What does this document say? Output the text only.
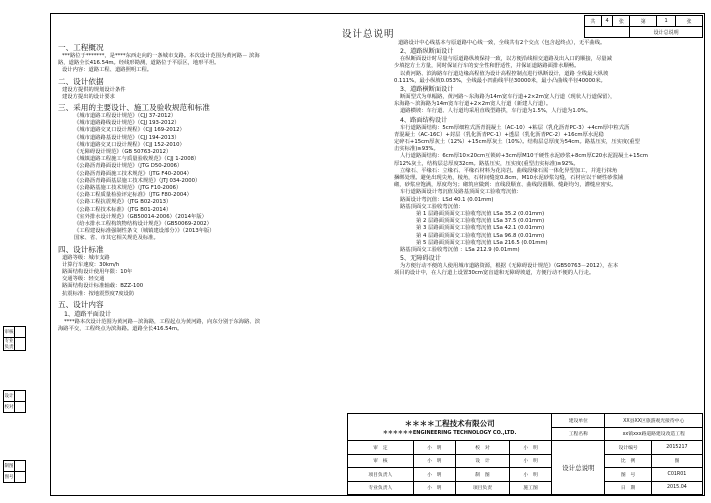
设计总说明
共	4	张	第	1	张
			设计总说明		
审核	
专业负责	
设计	
校对	
制图	
图号	
一、工程概况
***路位于*******，是****东西走向的一条城市支路。本次设计范围为黄河路－ 滨海
路，道路全长416.54m。经线形勘测，道路位于平原区，地形平坦。
设计内容：道路工程、道路照明工程。
二、设计依据
建设方提供的规划设计条件
建设方提出的设计要求
三、采用的主要设计、施工及验收规范和标准
《城市道路工程设计规范》（CJJ 37-2012）
《城市道路路线设计规范》（CJJ 193-2012）
《城市道路交叉口设计规程》（CJJ 169-2012）
《城市道路路基设计规范》（CJJ 194-2013）
《城市道路交叉口设计规程》（CJJ 152-2010）
《无障碍设计规范》（GB 50763-2012）
《城镇道路工程施工与质量验收规范》（CJJ 1-2008）
《公路沥青路面设计规范》（JTG D50-2006）
《公路沥青路面施工技术规范》（JTG F40-2004）
《公路沥青路面基层施工技术规范》（JTJ 034-2000）
《公路路基施工技术规范》（JTG F10-2006）
《公路工程质量检验评定标准》（JTG F80-2004）
《公路工程抗震规范》（JTG B02-2013）
《公路工程技术标准》（JTG B01-2014）
《室外排水设计规范》（GB50014-2006）（2014年版）
《给水排水工程构筑物结构设计规范》（GB50069-2002）
《工程建设标准强制性条文（城镇建设部分）》（2013年版）
国家、省、市其它相关规范及标准。
四、设计标准
道路等级：城市支路
计算行车速度：30km/h
路面结构设计使用年限：10年
交通等级：轻交通
路面结构设计标准轴载：BZZ-100
抗震标准：按地震烈度7度设防
五、设计内容
1、道路平面设计
****路本次设计范围为黄河路－滨海路，工程起点为黄河路，向东分别于东海路、滨
海路平交，工程终点为滨海路。道路全长416.54m。
道路设计中心线基本与原道路中心线一致，全线共有2个交点（包含起终点），无平曲线。
2、道路纵断面设计
在纵断面设计时尽量与原道路纵坡保持一致，以方便沿线相交道路及出入口的顺接，尽量减
少填挖方土方量，同时保证行车的安全性和舒适性，并保证道路路面排水顺畅。
以黄河路、滨海路车行道边缘高程值为设计高程控制点进行纵断设计，道路 全线最大纵坡
0.111%，最小纵坡0.053%，全线最小凹曲线半径30000米，最小凸曲线半径40000米。
3、道路横断面设计
断面型式为单幅路，黄河路～东海路为14m宽车行道+2×2m宽人行道（现状人行道保留），
东海路～滨海路为14m宽车行道+2×2m宽人行道（新建人行道）。
道路横坡：车行道、人行道均采用直线型路拱，车行道为1.5%，人行道为1.0%。
4、路面结构设计
车行道路面结构：5cm厚细粒式沥青混凝土（AC-10）+粘层（乳化沥青PC-3）+4cm厚中粒式沥
青混凝土（AC-16C）+封层（乳化沥青PC-1）+透层（乳化沥青PC-2）+16cm厚水泥稳
定碎石+15cm厚灰土（12%）+15cm厚灰土（10%）。结构层总厚度为54cm。路基压实，压实度(重型
击实标准)≥93%。
人行道路面结构：6cm厚10×20cm互锁砖+3cm厚M10干硬性水泥砂浆+8cm厚C20水泥混凝土+15cm
厚12%灰土，结构层总厚度32cm。路基压实，压实度(重型击实标准)≥92%。
立缘石、平缘石：立缘石、平缘石材料为花岗岩。曲线段缘石需一体化异型加工，并进行抹角
捆绑处理。避免出现尖角，棱角，石材间缝宽0.8cm，M10水泥砂浆勾缝，石材应以干硬性砂浆铺
砌，砂浆应饱满，厚度均匀；砌筑应做到：直线段顺直、曲线段圆顺、缝距均匀，灌缝应密实。
车行道路面设计弯沉值及路基顶面交工验收弯沉值：
路面设计弯沉值：LSd 40.1 (0.01mm)
路基顶面交工验收弯沉值：
第 1 层路面顶面交工验收弯沉值 LSa 35.2 (0.01mm)
第 2 层路面顶面交工验收弯沉值 LSa 37.5 (0.01mm)
第 3 层路面顶面交工验收弯沉值 LSa 42.1 (0.01mm)
第 4 层路面顶面交工验收弯沉值 LSa 96.8 (0.01mm)
第 5 层路面顶面交工验收弯沉值 LSa 216.5 (0.01mm)
路基顶面交工验收弯沉值 ：LSa 212.9 (0.01mm)
5、无障碍设计
为方便行动不便的人使用城市道路资源，根据《无障碍设计规范》（GB50763－2012），在本
项目的设计中，在人行道上设置30cm宽盲道和无障碍坡道，方便行动不便的人行走。
＊＊＊＊工程技术有限公司
＊＊＊＊＊＊ENGINEERING TECHNOLOGY CO.,LTD.				建设单位	XX县XX区旅游观光接待中心	
				工程名称	xx镇xxx路道路建设改造工程	
审　定	小　明	校　对	小　明	设计总说明	设计编号	2015217
审　核	小　明	设　计	小　明		比　例	图
项目负责人	小　明	制　图	小　明		图　号	C01R01
专业负责人	小　明	项目负责	施工图		日　期	2015.04
